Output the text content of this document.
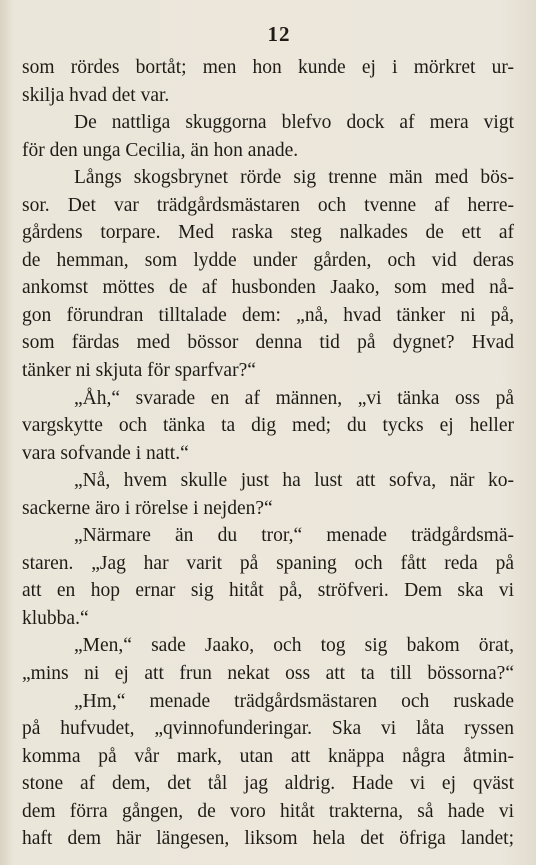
12
som rördes bortåt; men hon kunde ej i mörkret ur-
skilja hvad det var.
De nattliga skuggorna blefvo dock af mera vigt
för den unga Cecilia, än hon anade.
Långs skogsbrynet rörde sig trenne män med bös-
sor. Det var trädgårdsmästaren och tvenne af herre-
gårdens torpare. Med raska steg nalkades de ett af
de hemman, som lydde under gården, och vid deras
ankomst möttes de af husbonden Jaako, som med nå-
gon förundran tilltalade dem: „nå, hvad tänker ni på,
som färdas med bössor denna tid på dygnet? Hvad
tänker ni skjuta för sparfvar?“
„Åh,“ svarade en af männen, „vi tänka oss på
vargskytte och tänka ta dig med; du tycks ej heller
vara sofvande i natt.“
„Nå, hvem skulle just ha lust att sofva, när ko-
sackerne äro i rörelse i nejden?“
„Närmare än du tror,“ menade trädgårdsmä-
staren. „Jag har varit på spaning och fått reda på
att en hop ernar sig hitåt på, ströfveri. Dem ska vi
klubba.“
„Men,“ sade Jaako, och tog sig bakom örat,
„mins ni ej att frun nekat oss att ta till bössorna?“
„Hm,“ menade trädgårdsmästaren och ruskade
på hufvudet, „qvinnofunderingar. Ska vi låta ryssen
komma på vår mark, utan att knäppa några åtmin-
stone af dem, det tål jag aldrig. Hade vi ej qväst
dem förra gången, de voro hitåt trakterna, så hade vi
haft dem här längesen, liksom hela det öfriga landet;
